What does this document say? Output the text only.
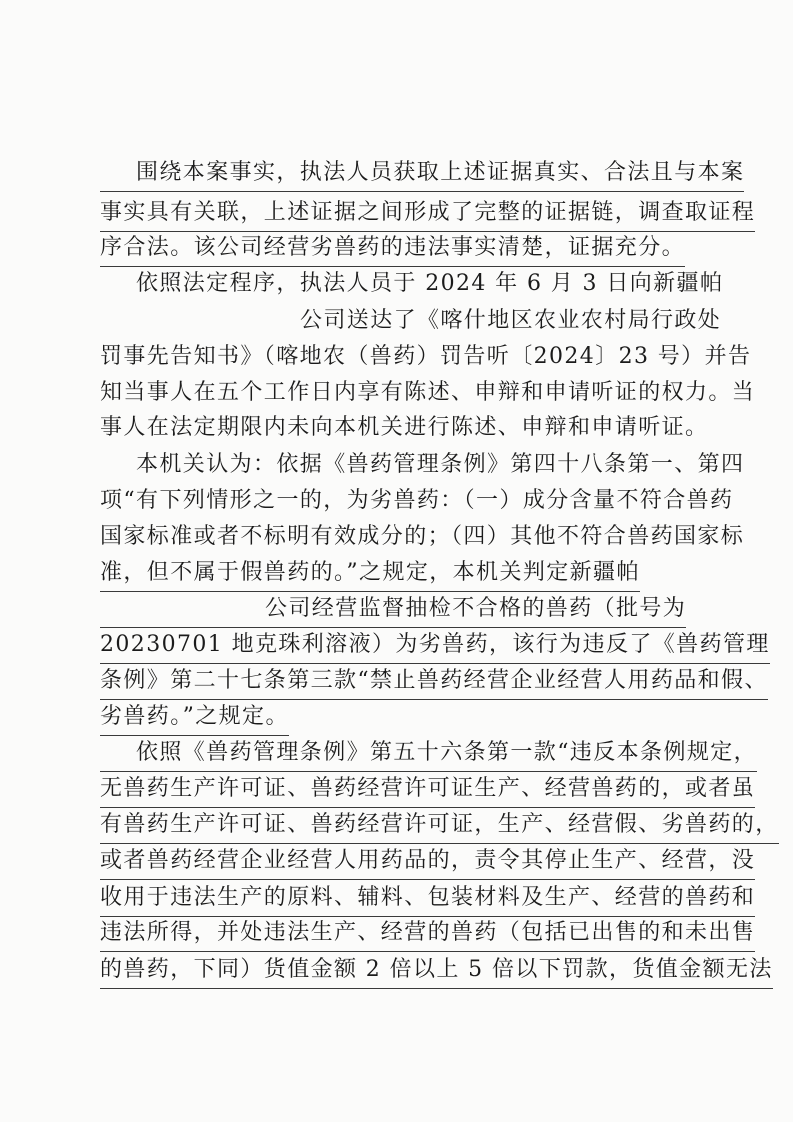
围绕本案事实，执法人员获取上述证据真实、合法且与本案
事实具有关联，上述证据之间形成了完整的证据链，调查取证程
序合法。该公司经营劣兽药的违法事实清楚，证据充分。
依照法定程序，执法人员于 2024 年 6 月 3 日向新疆帕
公司送达了《喀什地区农业农村局行政处
罚事先告知书》（喀地农（兽药）罚告听〔2024〕23 号）并告
知当事人在五个工作日内享有陈述、申辩和申请听证的权力。当
事人在法定期限内未向本机关进行陈述、申辩和申请听证。
本机关认为：依据《兽药管理条例》第四十八条第一、第四
项“有下列情形之一的，为劣兽药：（一）成分含量不符合兽药
国家标准或者不标明有效成分的；（四）其他不符合兽药国家标
准，但不属于假兽药的。”之规定，本机关判定新疆帕
公司经营监督抽检不合格的兽药（批号为
20230701 地克珠利溶液）为劣兽药，该行为违反了《兽药管理
条例》第二十七条第三款“禁止兽药经营企业经营人用药品和假、
劣兽药。”之规定。
依照《兽药管理条例》第五十六条第一款“违反本条例规定，
无兽药生产许可证、兽药经营许可证生产、经营兽药的，或者虽
有兽药生产许可证、兽药经营许可证，生产、经营假、劣兽药的，
或者兽药经营企业经营人用药品的，责令其停止生产、经营，没
收用于违法生产的原料、辅料、包装材料及生产、经营的兽药和
违法所得，并处违法生产、经营的兽药（包括已出售的和未出售
的兽药，下同）货值金额 2 倍以上 5 倍以下罚款，货值金额无法
